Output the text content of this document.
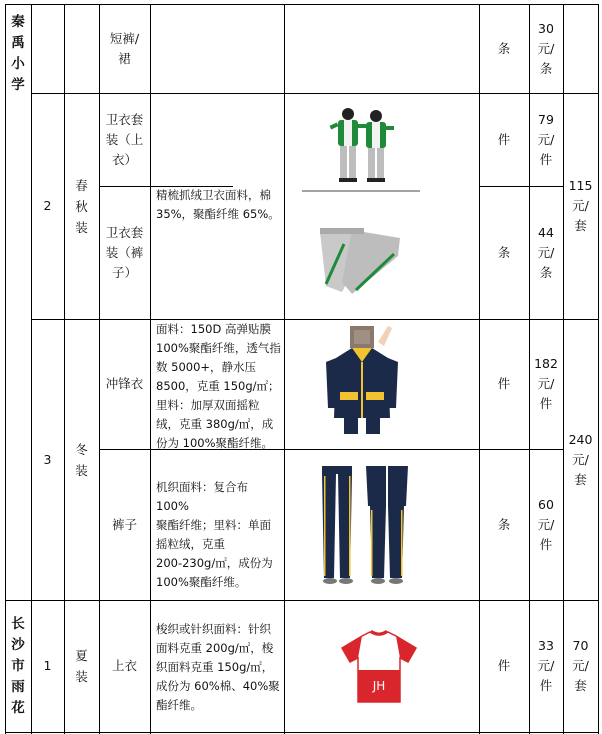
秦禹小学
长沙市雨花
短裤/
裙
条
30
元/
条
2
春秋装
卫衣套
装（上
衣）
卫衣套
装（裤
子）
精梳抓绒卫衣面料，棉
35%，聚酯纤维 65%。
件
79
元/
件
条
44
元/
条
115
元/
套
3
冬装
冲锋衣
面料：150D 高弹贴膜
100%聚酯纤维，透气指
数 5000+，静水压
8500，克重 150g/㎡；
里料：加厚双面摇粒
绒，克重 380g/㎡，成
份为 100%聚酯纤维。
件
182
元/
件
裤子
机织面料：复合布 100%
聚酯纤维；里料：单面
摇粒绒，克重
200-230g/㎡，成份为
100%聚酯纤维。
条
60
元/
件
240
元/
套
1
夏装
上衣
梭织或针织面料：针织
面料克重 200g/㎡，梭
织面料克重 150g/㎡，
成份为 60%棉、40%聚
酯纤维。
JH
件
33
元/
件
70
元/
套
